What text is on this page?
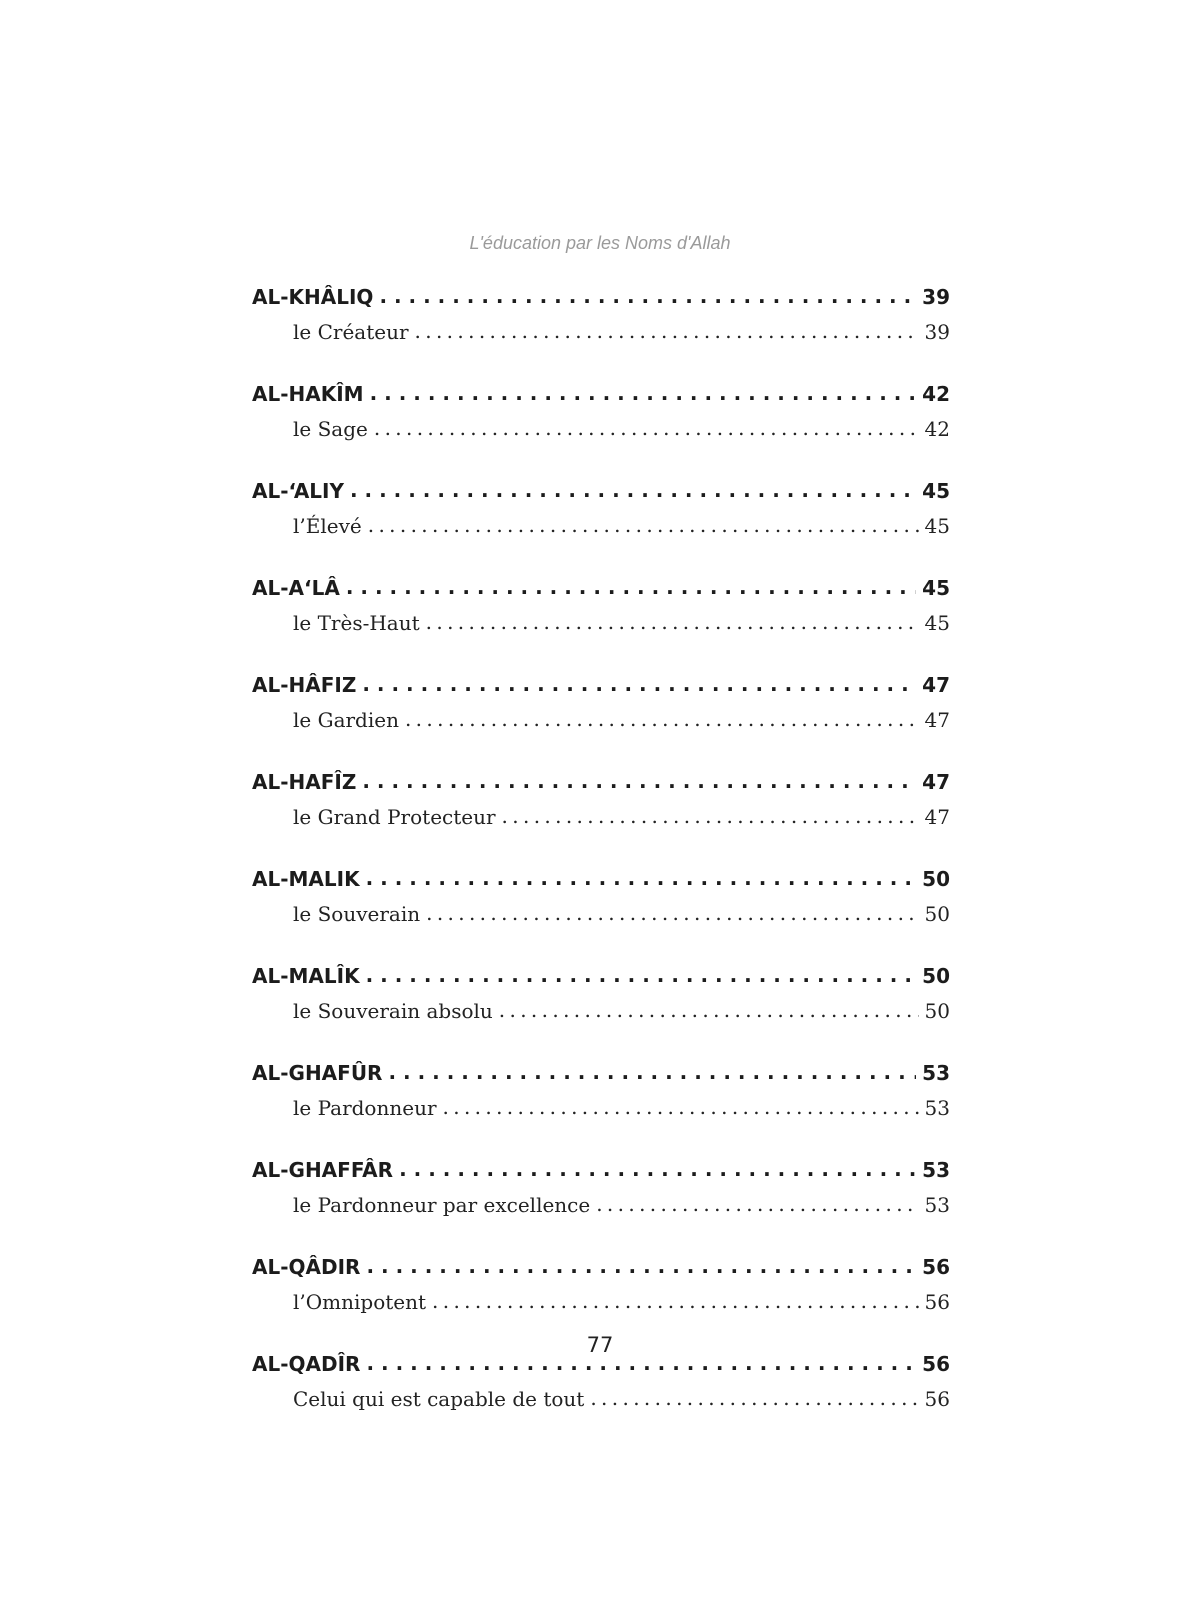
L'éducation par les Noms d'Allah
AL-KHÂLIQ . . .	39
le Créateur . . .	39
AL-HAKÎM . . .	42
le Sage . . .	42
AL-‘ALIY . . .	45
l’Élevé . . .	45
AL-A‘LÂ . . .	45
le Très-Haut . . .	45
AL-HÂFIZ . . .	47
le Gardien . . .	47
AL-HAFÎZ . . .	47
le Grand Protecteur . . .	47
AL-MALIK . . .	50
le Souverain . . .	50
AL-MALÎK . . .	50
le Souverain absolu . . .	50
AL-GHAFÛR . . .	53
le Pardonneur . . .	53
AL-GHAFFÂR . . .	53
le Pardonneur par excellence . . .	53
AL-QÂDIR . . .	56
l’Omnipotent . . .	56
AL-QADÎR . . .	56
Celui qui est capable de tout . . .	56
77
